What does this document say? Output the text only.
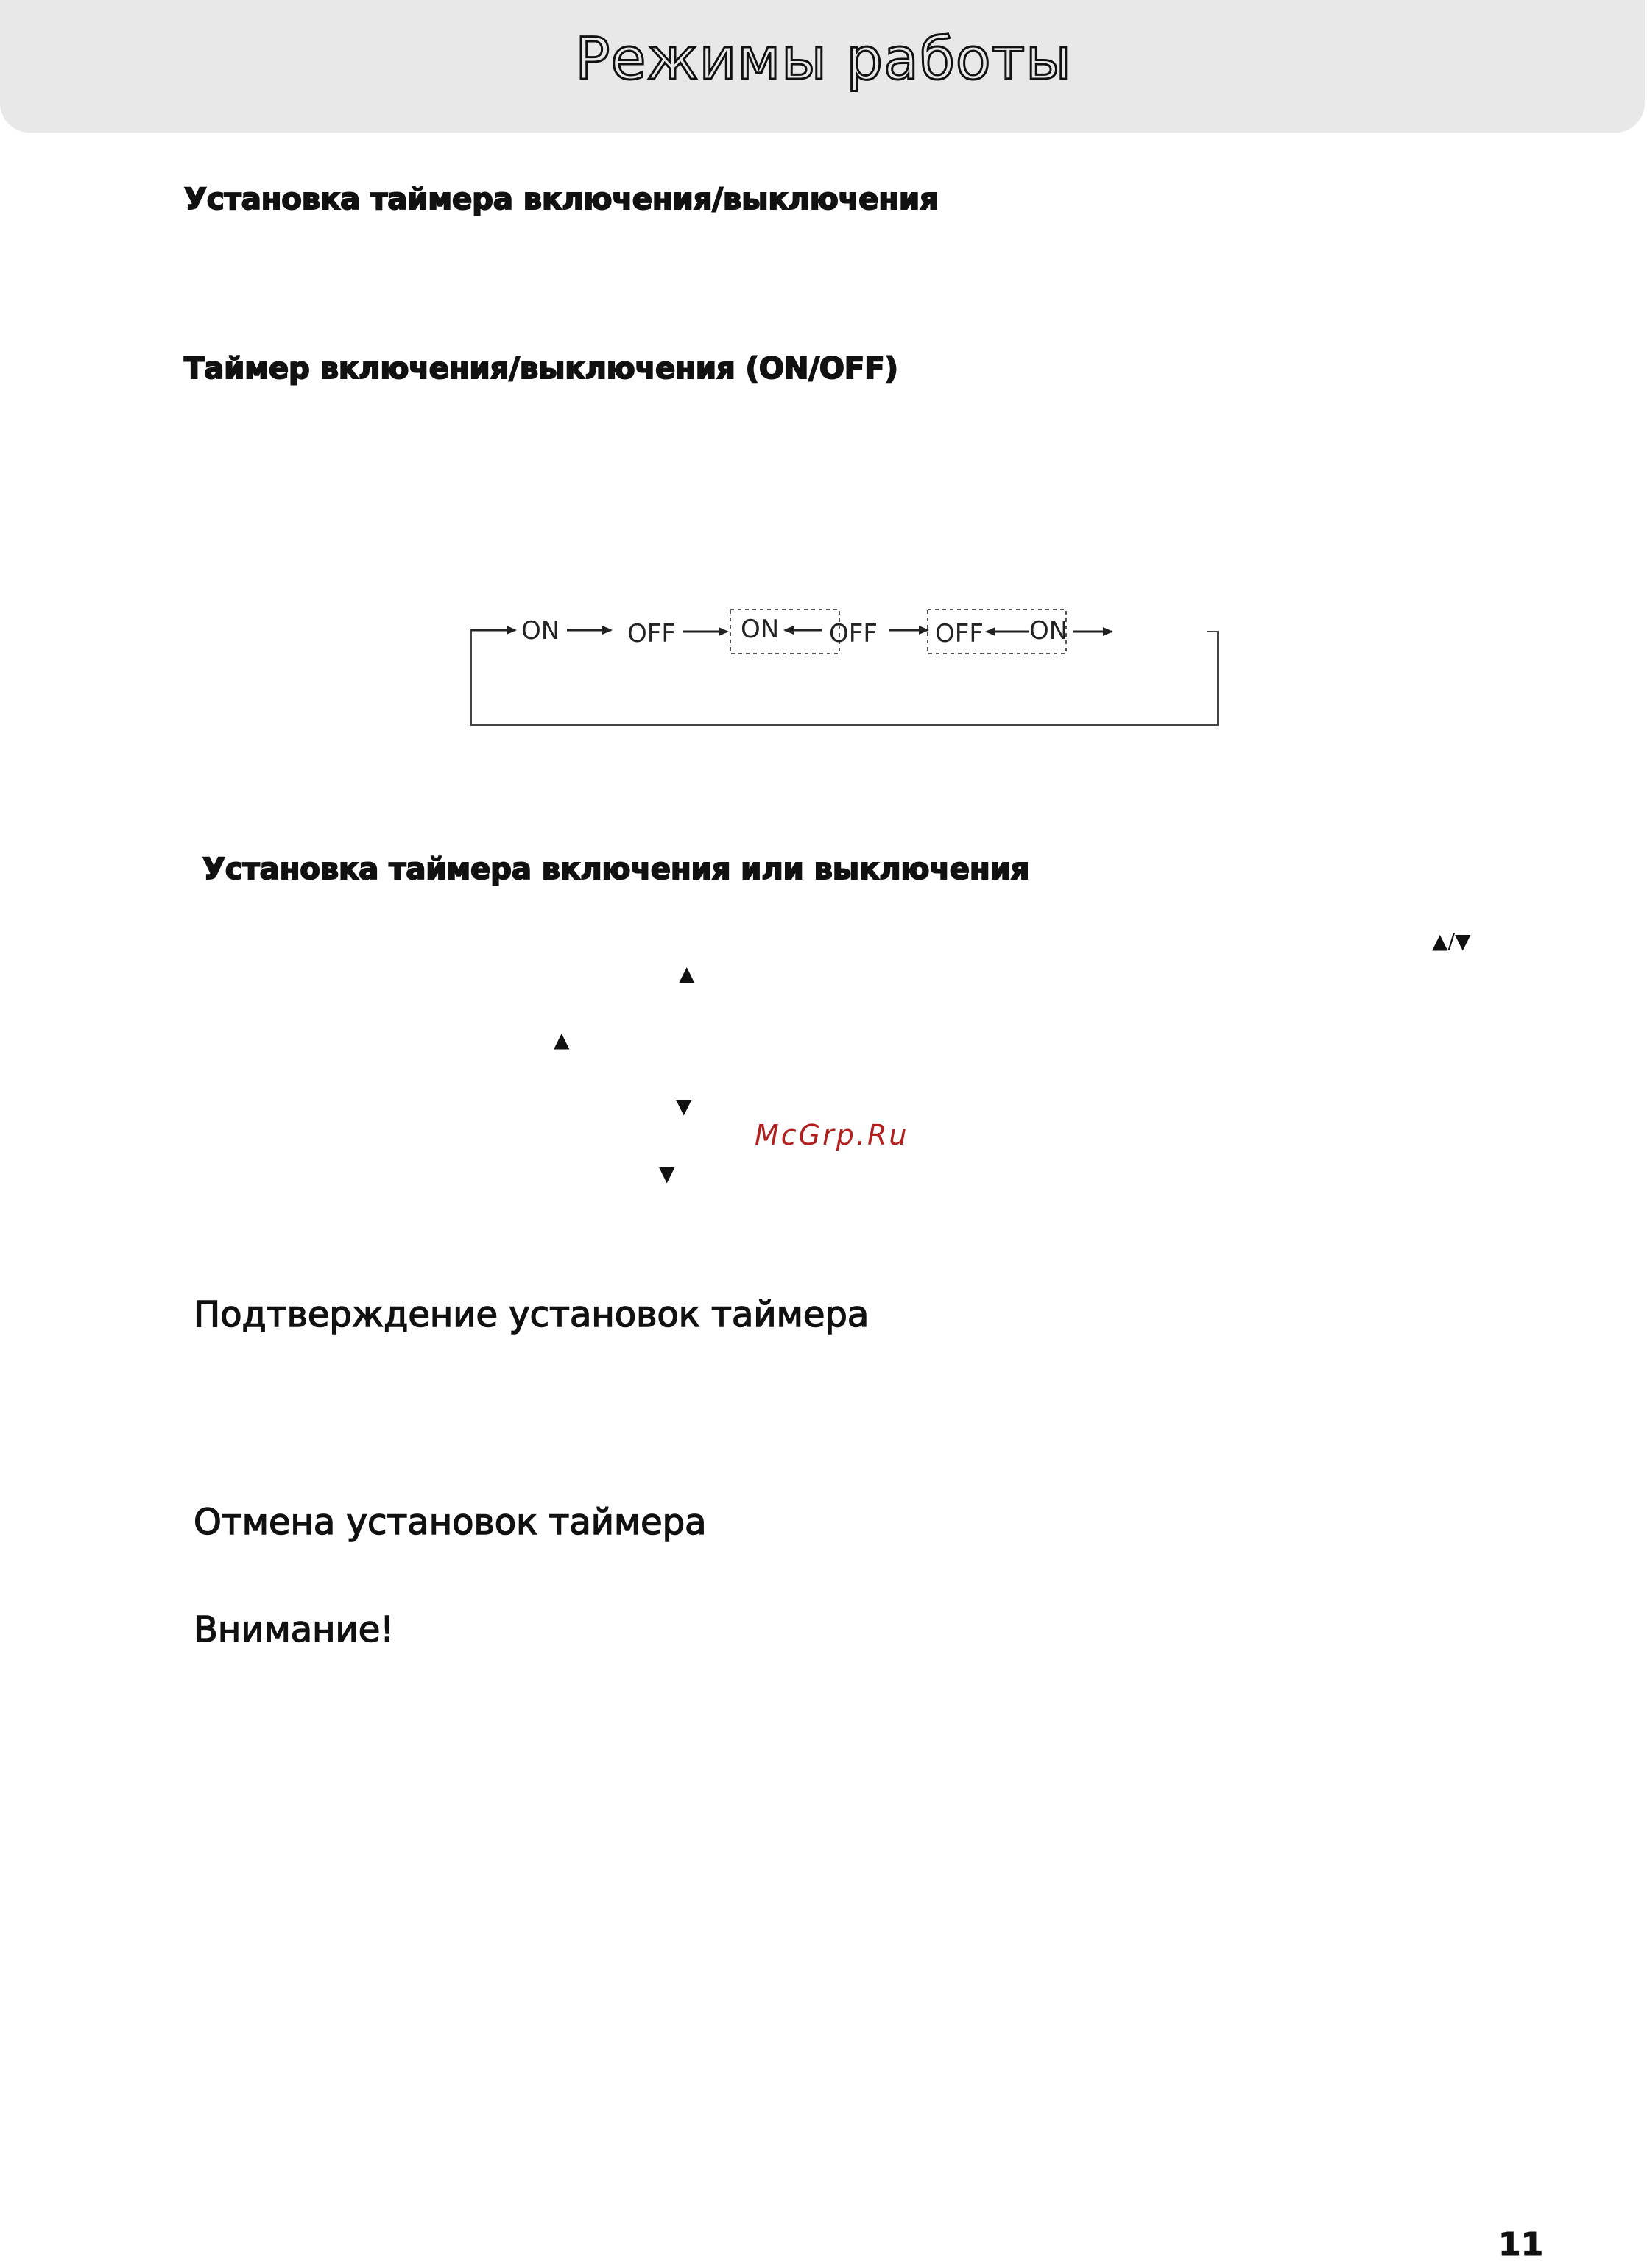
Режимы работы
Установка таймера включения/выключения
Таймер включения/выключения (ON/OFF)
ON	OFF	ON OFF OFF ON
Установка таймера включения или выключения
▲/▼
▲
▲
▼
▼
McGrp.Ru
Подтверждение установок таймера
Отмена установок таймера
Внимание!
11
